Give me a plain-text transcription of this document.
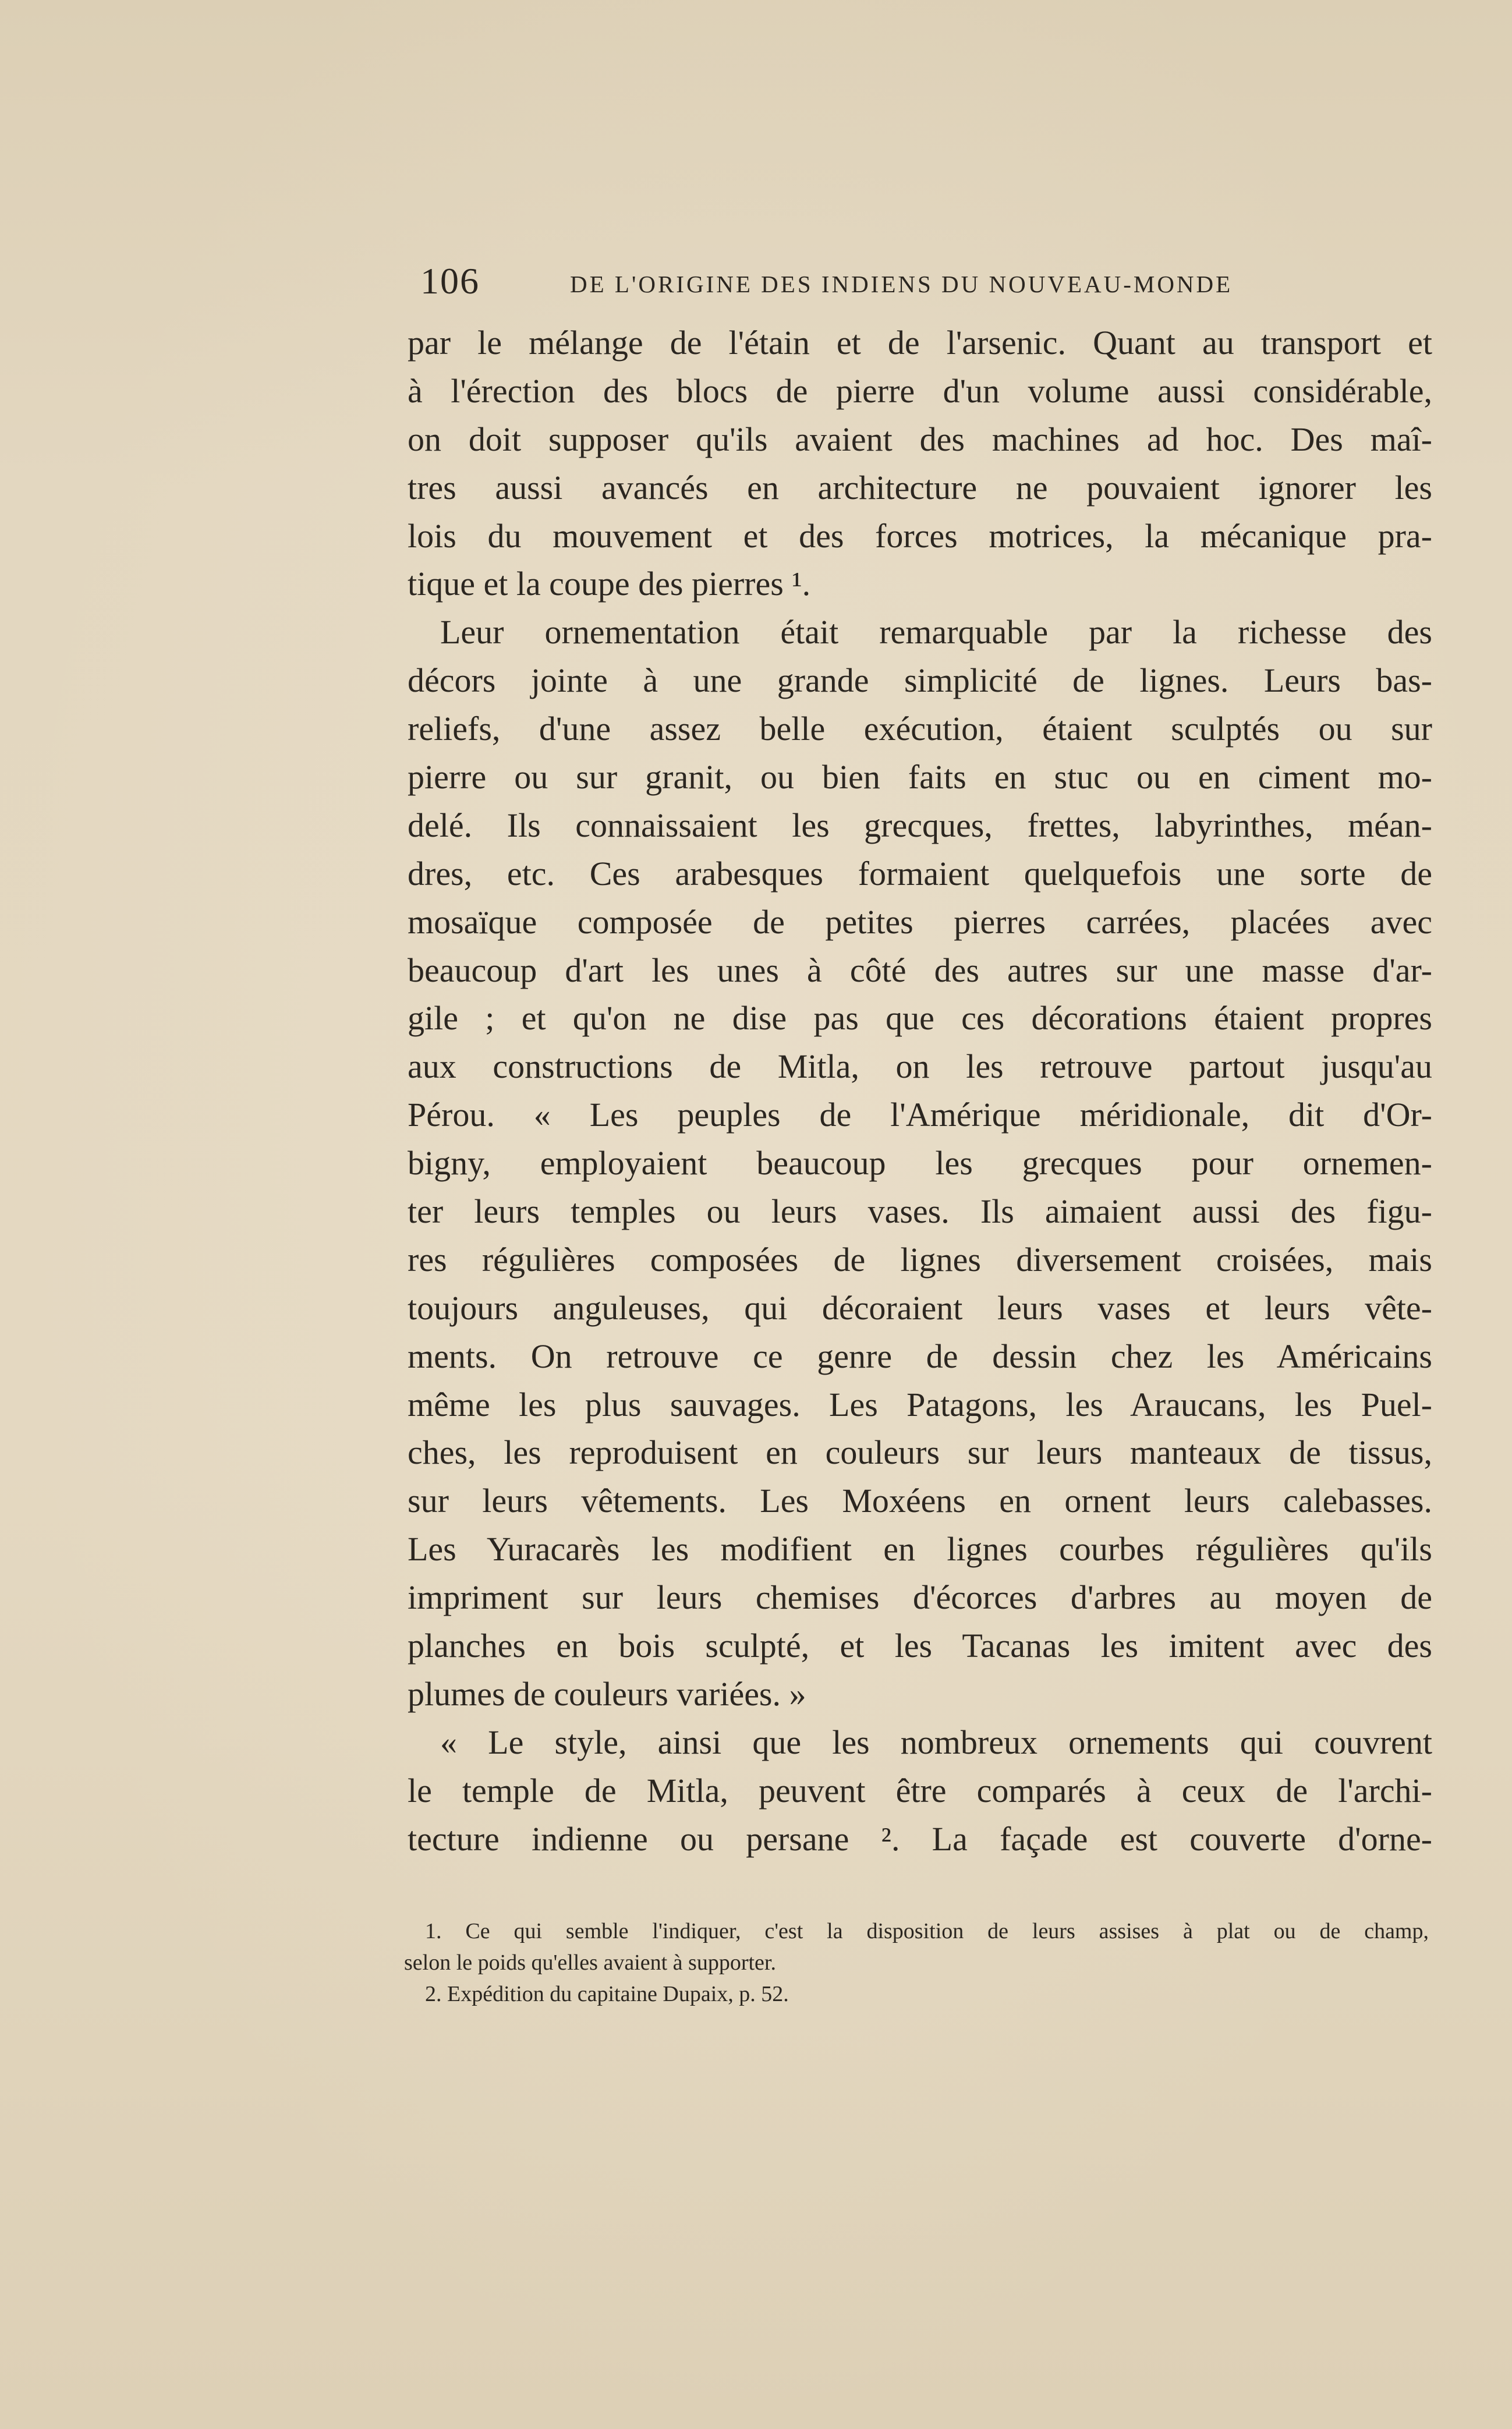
106	DE L'ORIGINE DES INDIENS DU NOUVEAU-MONDE
par le mélange de l'étain et de l'arsenic. Quant au transport et
à l'érection des blocs de pierre d'un volume aussi considérable,
on doit supposer qu'ils avaient des machines ad hoc. Des maî-
tres aussi avancés en architecture ne pouvaient ignorer les
lois du mouvement et des forces motrices, la mécanique pra-
tique et la coupe des pierres ¹.
Leur ornementation était remarquable par la richesse des
décors jointe à une grande simplicité de lignes. Leurs bas-
reliefs, d'une assez belle exécution, étaient sculptés ou sur
pierre ou sur granit, ou bien faits en stuc ou en ciment mo-
delé. Ils connaissaient les grecques, frettes, labyrinthes, méan-
dres, etc. Ces arabesques formaient quelquefois une sorte de
mosaïque composée de petites pierres carrées, placées avec
beaucoup d'art les unes à côté des autres sur une masse d'ar-
gile ; et qu'on ne dise pas que ces décorations étaient propres
aux constructions de Mitla, on les retrouve partout jusqu'au
Pérou. « Les peuples de l'Amérique méridionale, dit d'Or-
bigny, employaient beaucoup les grecques pour ornemen-
ter leurs temples ou leurs vases. Ils aimaient aussi des figu-
res régulières composées de lignes diversement croisées, mais
toujours anguleuses, qui décoraient leurs vases et leurs vête-
ments. On retrouve ce genre de dessin chez les Américains
même les plus sauvages. Les Patagons, les Araucans, les Puel-
ches, les reproduisent en couleurs sur leurs manteaux de tissus,
sur leurs vêtements. Les Moxéens en ornent leurs calebasses.
Les Yuracarès les modifient en lignes courbes régulières qu'ils
impriment sur leurs chemises d'écorces d'arbres au moyen de
planches en bois sculpté, et les Tacanas les imitent avec des
plumes de couleurs variées. »
« Le style, ainsi que les nombreux ornements qui couvrent
le temple de Mitla, peuvent être comparés à ceux de l'archi-
tecture indienne ou persane ². La façade est couverte d'orne-
1. Ce qui semble l'indiquer, c'est la disposition de leurs assises à plat ou de champ,
selon le poids qu'elles avaient à supporter.
2. Expédition du capitaine Dupaix, p. 52.
